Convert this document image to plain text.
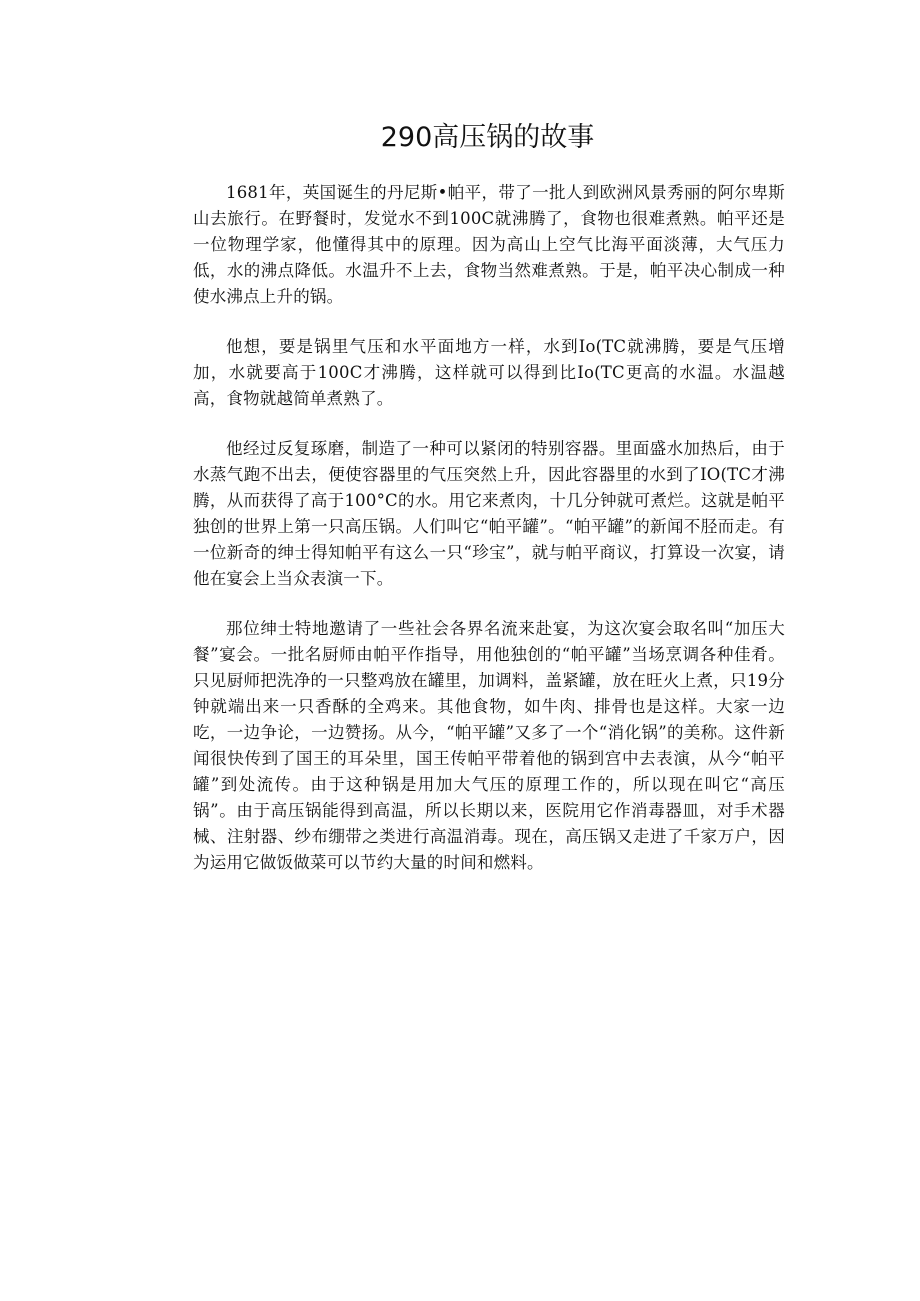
290高压锅的故事

1681年，英国诞生的丹尼斯•帕平，带了一批人到欧洲风景秀丽的阿尔卑斯山去旅行。在野餐时，发觉水不到100C就沸腾了，食物也很难煮熟。帕平还是一位物理学家，他懂得其中的原理。因为高山上空气比海平面淡薄，大气压力低，水的沸点降低。水温升不上去，食物当然难煮熟。于是，帕平决心制成一种使水沸点上升的锅。

他想，要是锅里气压和水平面地方一样，水到Io(TC就沸腾，要是气压增加，水就要高于100C才沸腾，这样就可以得到比Io(TC更高的水温。水温越高，食物就越简单煮熟了。

他经过反复琢磨，制造了一种可以紧闭的特别容器。里面盛水加热后，由于水蒸气跑不出去，便使容器里的气压突然上升，因此容器里的水到了IO(TC才沸腾，从而获得了高于100°C的水。用它来煮肉，十几分钟就可煮烂。这就是帕平独创的世界上第一只高压锅。人们叫它“帕平罐”。“帕平罐”的新闻不胫而走。有一位新奇的绅士得知帕平有这么一只“珍宝”，就与帕平商议，打算设一次宴，请他在宴会上当众表演一下。

那位绅士特地邀请了一些社会各界名流来赴宴，为这次宴会取名叫“加压大餐”宴会。一批名厨师由帕平作指导，用他独创的“帕平罐”当场烹调各种佳肴。只见厨师把洗净的一只整鸡放在罐里，加调料，盖紧罐，放在旺火上煮，只19分钟就端出来一只香酥的全鸡来。其他食物，如牛肉、排骨也是这样。大家一边吃，一边争论，一边赞扬。从今，“帕平罐”又多了一个“消化锅”的美称。这件新闻很快传到了国王的耳朵里，国王传帕平带着他的锅到宫中去表演，从今“帕平罐”到处流传。由于这种锅是用加大气压的原理工作的，所以现在叫它“高压锅”。由于高压锅能得到高温，所以长期以来，医院用它作消毒器皿，对手术器械、注射器、纱布绷带之类进行高温消毒。现在，高压锅又走进了千家万户，因为运用它做饭做菜可以节约大量的时间和燃料。
